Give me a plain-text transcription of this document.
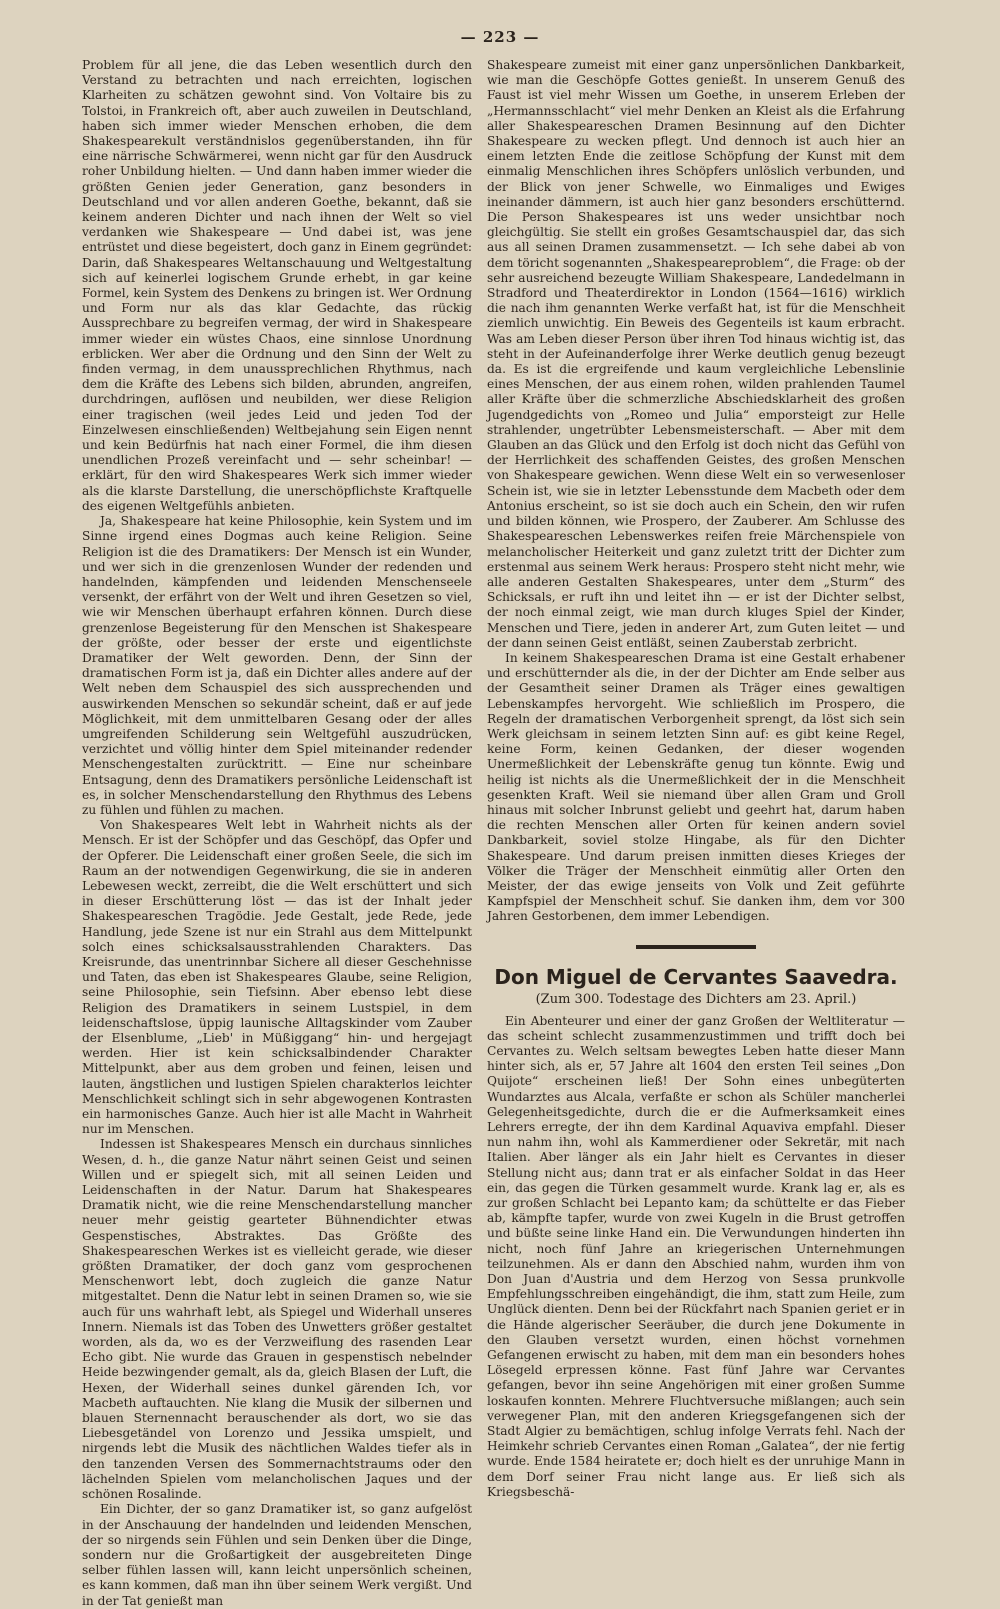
— 223 —

Problem für all jene, die das Leben wesentlich durch den Verstand zu betrachten und nach erreichten, logischen Klarheiten zu schätzen gewohnt sind. Von Voltaire bis zu Tolstoi, in Frankreich oft, aber auch zuweilen in Deutschland, haben sich immer wieder Menschen erhoben, die dem Shakespearekult verständnislos gegenüberstanden, ihn für eine närrische Schwärmerei, wenn nicht gar für den Ausdruck roher Unbildung hielten. — Und dann haben immer wieder die größten Genien jeder Generation, ganz besonders in Deutschland und vor allen anderen Goethe, bekannt, daß sie keinem anderen Dichter und nach ihnen der Welt so viel verdanken wie Shakespeare — Und dabei ist, was jene entrüstet und diese begeistert, doch ganz in Einem gegründet: Darin, daß Shakespeares Weltanschauung und Weltgestaltung sich auf keinerlei logischem Grunde erhebt, in gar keine Formel, kein System des Denkens zu bringen ist. Wer Ordnung und Form nur als das klar Gedachte, das rückig Aussprechbare zu begreifen vermag, der wird in Shakespeare immer wieder ein wüstes Chaos, eine sinnlose Unordnung erblicken. Wer aber die Ordnung und den Sinn der Welt zu finden vermag, in dem unaussprechlichen Rhythmus, nach dem die Kräfte des Lebens sich bilden, abrunden, angreifen, durchdringen, auflösen und neubilden, wer diese Religion einer tragischen (weil jedes Leid und jeden Tod der Einzelwesen einschließenden) Weltbejahung sein Eigen nennt und kein Bedürfnis hat nach einer Formel, die ihm diesen unendlichen Prozeß vereinfacht und — sehr scheinbar! — erklärt, für den wird Shakespeares Werk sich immer wieder als die klarste Darstellung, die unerschöpflichste Kraftquelle des eigenen Weltgefühls anbieten.

Ja, Shakespeare hat keine Philosophie, kein System und im Sinne irgend eines Dogmas auch keine Religion. Seine Religion ist die des Dramatikers: Der Mensch ist ein Wunder, und wer sich in die grenzenlosen Wunder der redenden und handelnden, kämpfenden und leidenden Menschenseele versenkt, der erfährt von der Welt und ihren Gesetzen so viel, wie wir Menschen überhaupt erfahren können. Durch diese grenzenlose Begeisterung für den Menschen ist Shakespeare der größte, oder besser der erste und eigentlichste Dramatiker der Welt geworden. Denn, der Sinn der dramatischen Form ist ja, daß ein Dichter alles andere auf der Welt neben dem Schauspiel des sich aussprechenden und auswirkenden Menschen so sekundär scheint, daß er auf jede Möglichkeit, mit dem unmittelbaren Gesang oder der alles umgreifenden Schilderung sein Weltgefühl auszudrücken, verzichtet und völlig hinter dem Spiel miteinander redender Menschengestalten zurücktritt. — Eine nur scheinbare Entsagung, denn des Dramatikers persönliche Leidenschaft ist es, in solcher Menschendarstellung den Rhythmus des Lebens zu fühlen und fühlen zu machen.

Von Shakespeares Welt lebt in Wahrheit nichts als der Mensch. Er ist der Schöpfer und das Geschöpf, das Opfer und der Opferer. Die Leidenschaft einer großen Seele, die sich im Raum an der notwendigen Gegenwirkung, die sie in anderen Lebewesen weckt, zerreibt, die die Welt erschüttert und sich in dieser Erschütterung löst — das ist der Inhalt jeder Shakespeareschen Tragödie. Jede Gestalt, jede Rede, jede Handlung, jede Szene ist nur ein Strahl aus dem Mittelpunkt solch eines schicksalsausstrahlenden Charakters. Das Kreisrunde, das unentrinnbar Sichere all dieser Geschehnisse und Taten, das eben ist Shakespeares Glaube, seine Religion, seine Philosophie, sein Tiefsinn. Aber ebenso lebt diese Religion des Dramatikers in seinem Lustspiel, in dem leidenschaftslose, üppig launische Alltagskinder vom Zauber der Elsenblume, „Lieb' in Müßiggang“ hin- und hergejagt werden. Hier ist kein schicksalbindender Charakter Mittelpunkt, aber aus dem groben und feinen, leisen und lauten, ängstlichen und lustigen Spielen charakterlos leichter Menschlichkeit schlingt sich in sehr abgewogenen Kontrasten ein harmonisches Ganze. Auch hier ist alle Macht in Wahrheit nur im Menschen.

Indessen ist Shakespeares Mensch ein durchaus sinnliches Wesen, d. h., die ganze Natur nährt seinen Geist und seinen Willen und er spiegelt sich, mit all seinen Leiden und Leidenschaften in der Natur. Darum hat Shakespeares Dramatik nicht, wie die reine Menschendarstellung mancher neuer mehr geistig gearteter Bühnendichter etwas Gespenstisches, Abstraktes. Das Größte des Shakespeareschen Werkes ist es vielleicht gerade, wie dieser größten Dramatiker, der doch ganz vom gesprochenen Menschenwort lebt, doch zugleich die ganze Natur mitgestaltet. Denn die Natur lebt in seinen Dramen so, wie sie auch für uns wahrhaft lebt, als Spiegel und Widerhall unseres Innern. Niemals ist das Toben des Unwetters größer gestaltet worden, als da, wo es der Verzweiflung des rasenden Lear Echo gibt. Nie wurde das Grauen in gespenstisch nebelnder Heide bezwingender gemalt, als da, gleich Blasen der Luft, die Hexen, der Widerhall seines dunkel gärenden Ich, vor Macbeth auftauchten. Nie klang die Musik der silbernen und blauen Sternennacht berauschender als dort, wo sie das Liebesgetändel von Lorenzo und Jessika umspielt, und nirgends lebt die Musik des nächtlichen Waldes tiefer als in den tanzenden Versen des Sommernachtstraums oder den lächelnden Spielen vom melancholischen Jaques und der schönen Rosalinde.

Ein Dichter, der so ganz Dramatiker ist, so ganz aufgelöst in der Anschauung der handelnden und leidenden Menschen, der so nirgends sein Fühlen und sein Denken über die Dinge, sondern nur die Großartigkeit der ausgebreiteten Dinge selber fühlen lassen will, kann leicht unpersönlich scheinen, es kann kommen, daß man ihn über seinem Werk vergißt. Und in der Tat genießt man

Shakespeare zumeist mit einer ganz unpersönlichen Dankbarkeit, wie man die Geschöpfe Gottes genießt. In unserem Genuß des Faust ist viel mehr Wissen um Goethe, in unserem Erleben der „Hermannsschlacht“ viel mehr Denken an Kleist als die Erfahrung aller Shakespeareschen Dramen Besinnung auf den Dichter Shakespeare zu wecken pflegt. Und dennoch ist auch hier an einem letzten Ende die zeitlose Schöpfung der Kunst mit dem einmalig Menschlichen ihres Schöpfers unlöslich verbunden, und der Blick von jener Schwelle, wo Einmaliges und Ewiges ineinander dämmern, ist auch hier ganz besonders erschütternd. Die Person Shakespeares ist uns weder unsichtbar noch gleichgültig. Sie stellt ein großes Gesamtschauspiel dar, das sich aus all seinen Dramen zusammensetzt. — Ich sehe dabei ab von dem töricht sogenannten „Shakespeareproblem“, die Frage: ob der sehr ausreichend bezeugte William Shakespeare, Landedelmann in Stradford und Theaterdirektor in London (1564—1616) wirklich die nach ihm genannten Werke verfaßt hat, ist für die Menschheit ziemlich unwichtig. Ein Beweis des Gegenteils ist kaum erbracht. Was am Leben dieser Person über ihren Tod hinaus wichtig ist, das steht in der Aufeinanderfolge ihrer Werke deutlich genug bezeugt da. Es ist die ergreifende und kaum vergleichliche Lebenslinie eines Menschen, der aus einem rohen, wilden prahlenden Taumel aller Kräfte über die schmerzliche Abschiedsklarheit des großen Jugendgedichts von „Romeo und Julia“ emporsteigt zur Helle strahlender, ungetrübter Lebensmeisterschaft. — Aber mit dem Glauben an das Glück und den Erfolg ist doch nicht das Gefühl von der Herrlichkeit des schaffenden Geistes, des großen Menschen von Shakespeare gewichen. Wenn diese Welt ein so verwesenloser Schein ist, wie sie in letzter Lebensstunde dem Macbeth oder dem Antonius erscheint, so ist sie doch auch ein Schein, den wir rufen und bilden können, wie Prospero, der Zauberer. Am Schlusse des Shakespeareschen Lebenswerkes reifen freie Märchenspiele von melancholischer Heiterkeit und ganz zuletzt tritt der Dichter zum erstenmal aus seinem Werk heraus: Prospero steht nicht mehr, wie alle anderen Gestalten Shakespeares, unter dem „Sturm“ des Schicksals, er ruft ihn und leitet ihn — er ist der Dichter selbst, der noch einmal zeigt, wie man durch kluges Spiel der Kinder, Menschen und Tiere, jeden in anderer Art, zum Guten leitet — und der dann seinen Geist entläßt, seinen Zauberstab zerbricht.

In keinem Shakespeareschen Drama ist eine Gestalt erhabener und erschütternder als die, in der der Dichter am Ende selber aus der Gesamtheit seiner Dramen als Träger eines gewaltigen Lebenskampfes hervorgeht. Wie schließlich im Prospero, die Regeln der dramatischen Verborgenheit sprengt, da löst sich sein Werk gleichsam in seinem letzten Sinn auf: es gibt keine Regel, keine Form, keinen Gedanken, der dieser wogenden Unermeßlichkeit der Lebenskräfte genug tun könnte. Ewig und heilig ist nichts als die Unermeßlichkeit der in die Menschheit gesenkten Kraft. Weil sie niemand über allen Gram und Groll hinaus mit solcher Inbrunst geliebt und geehrt hat, darum haben die rechten Menschen aller Orten für keinen andern soviel Dankbarkeit, soviel stolze Hingabe, als für den Dichter Shakespeare. Und darum preisen inmitten dieses Krieges der Völker die Träger der Menschheit einmütig aller Orten den Meister, der das ewige jenseits von Volk und Zeit geführte Kampfspiel der Menschheit schuf. Sie danken ihm, dem vor 300 Jahren Gestorbenen, dem immer Lebendigen.

Don Miguel de Cervantes Saavedra.
(Zum 300. Todestage des Dichters am 23. April.)

Ein Abenteurer und einer der ganz Großen der Weltliteratur — das scheint schlecht zusammenzustimmen und trifft doch bei Cervantes zu. Welch seltsam bewegtes Leben hatte dieser Mann hinter sich, als er, 57 Jahre alt 1604 den ersten Teil seines „Don Quijote“ erscheinen ließ! Der Sohn eines unbegüterten Wundarztes aus Alcala, verfaßte er schon als Schüler mancherlei Gelegenheitsgedichte, durch die er die Aufmerksamkeit eines Lehrers erregte, der ihn dem Kardinal Aquaviva empfahl. Dieser nun nahm ihn, wohl als Kammerdiener oder Sekretär, mit nach Italien. Aber länger als ein Jahr hielt es Cervantes in dieser Stellung nicht aus; dann trat er als einfacher Soldat in das Heer ein, das gegen die Türken gesammelt wurde. Krank lag er, als es zur großen Schlacht bei Lepanto kam; da schüttelte er das Fieber ab, kämpfte tapfer, wurde von zwei Kugeln in die Brust getroffen und büßte seine linke Hand ein. Die Verwundungen hinderten ihn nicht, noch fünf Jahre an kriegerischen Unternehmungen teilzunehmen. Als er dann den Abschied nahm, wurden ihm von Don Juan d'Austria und dem Herzog von Sessa prunkvolle Empfehlungsschreiben eingehändigt, die ihm, statt zum Heile, zum Unglück dienten. Denn bei der Rückfahrt nach Spanien geriet er in die Hände algerischer Seeräuber, die durch jene Dokumente in den Glauben versetzt wurden, einen höchst vornehmen Gefangenen erwischt zu haben, mit dem man ein besonders hohes Lösegeld erpressen könne. Fast fünf Jahre war Cervantes gefangen, bevor ihn seine Angehörigen mit einer großen Summe loskaufen konnten. Mehrere Fluchtversuche mißlangen; auch sein verwegener Plan, mit den anderen Kriegsgefangenen sich der Stadt Algier zu bemächtigen, schlug infolge Verrats fehl. Nach der Heimkehr schrieb Cervantes einen Roman „Galatea“, der nie fertig wurde. Ende 1584 heiratete er; doch hielt es der unruhige Mann in dem Dorf seiner Frau nicht lange aus. Er ließ sich als Kriegsbeschä-
